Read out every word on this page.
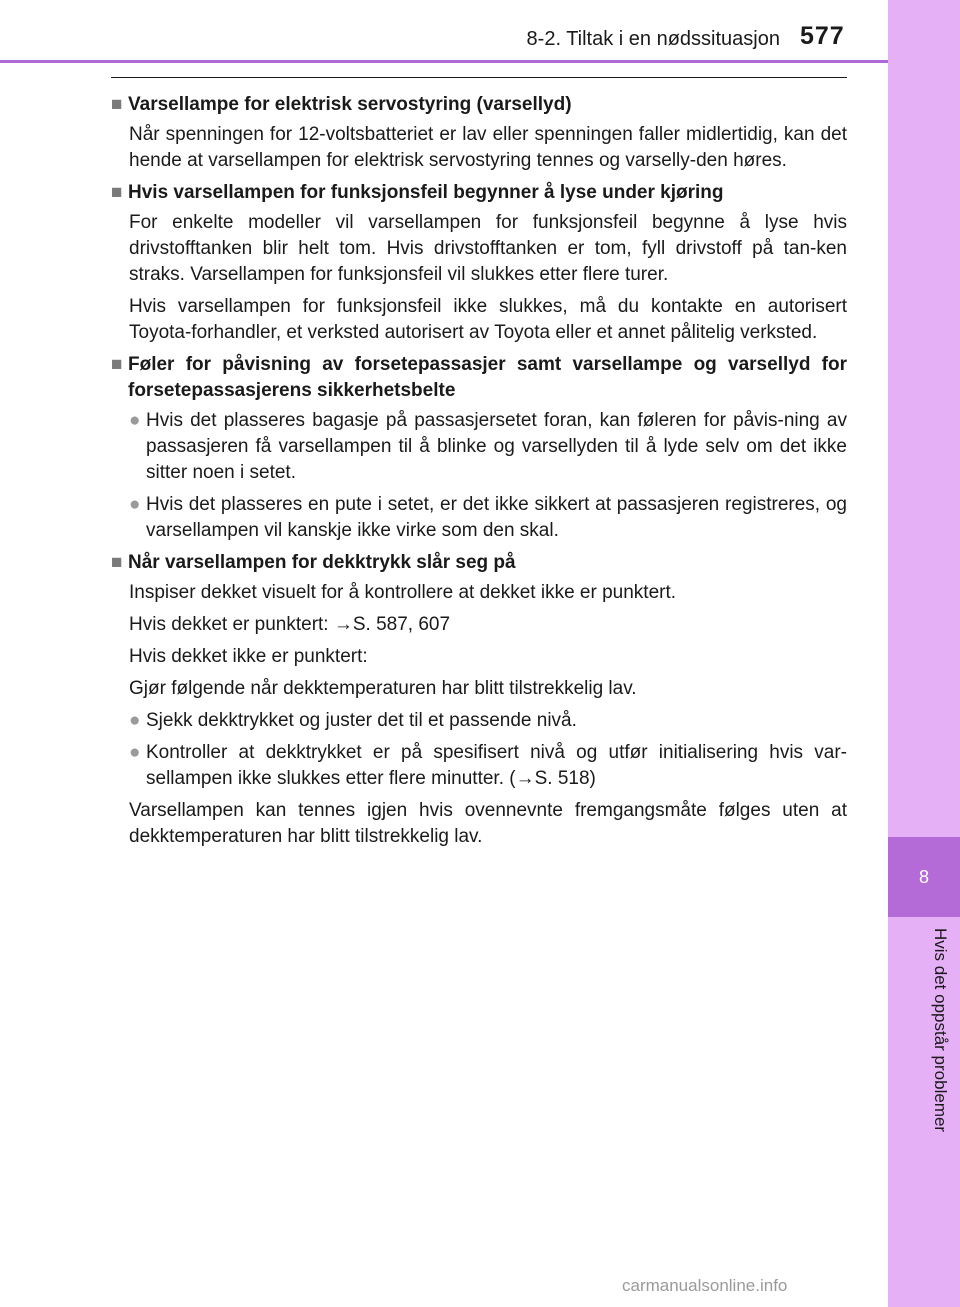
8-2. Tiltak i en nødssituasjon 577
8
Hvis det oppstår problemer
■ Varsellampe for elektrisk servostyring (varsellyd)

Når spenningen for 12-voltsbatteriet er lav eller spenningen faller midlertidig, kan det hende at varsellampen for elektrisk servostyring tennes og varselly-den høres.

■ Hvis varsellampen for funksjonsfeil begynner å lyse under kjøring

For enkelte modeller vil varsellampen for funksjonsfeil begynne å lyse hvis drivstofftanken blir helt tom. Hvis drivstofftanken er tom, fyll drivstoff på tan-ken straks. Varsellampen for funksjonsfeil vil slukkes etter flere turer.

Hvis varsellampen for funksjonsfeil ikke slukkes, må du kontakte en autorisert Toyota-forhandler, et verksted autorisert av Toyota eller et annet pålitelig verksted.

■ Føler for påvisning av forsetepassasjer samt varsellampe og varsellyd for forsetepassasjerens sikkerhetsbelte
● Hvis det plasseres bagasje på passasjersetet foran, kan føleren for påvis-ning av passasjeren få varsellampen til å blinke og varsellyden til å lyde selv om det ikke sitter noen i setet.
● Hvis det plasseres en pute i setet, er det ikke sikkert at passasjeren registreres, og varsellampen vil kanskje ikke virke som den skal.
■ Når varsellampen for dekktrykk slår seg på

Inspiser dekket visuelt for å kontrollere at dekket ikke er punktert.

Hvis dekket er punktert: →S. 587, 607

Hvis dekket ikke er punktert:

Gjør følgende når dekktemperaturen har blitt tilstrekkelig lav.

● Sjekk dekktrykket og juster det til et passende nivå.
● Kontroller at dekktrykket er på spesifisert nivå og utfør initialisering hvis var-sellampen ikke slukkes etter flere minutter. (→S. 518)

Varsellampen kan tennes igjen hvis ovennevnte fremgangsmåte følges uten at dekktemperaturen har blitt tilstrekkelig lav.

carmanualsonline.info
